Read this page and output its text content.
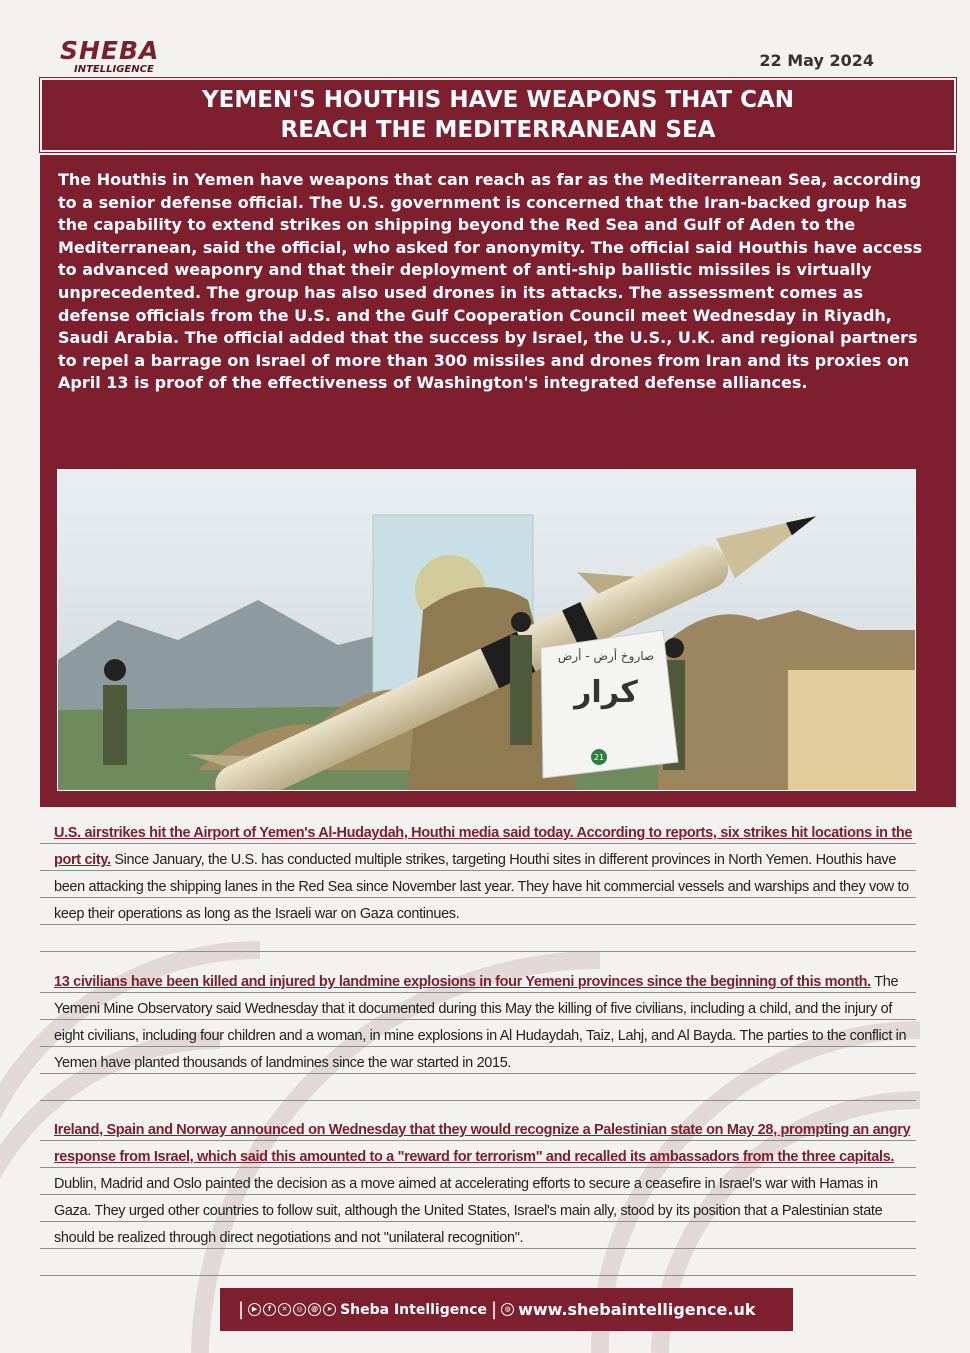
SHEBA
INTELLIGENCE	22 May 2024
YEMEN'S HOUTHIS HAVE WEAPONS THAT CAN REACH THE MEDITERRANEAN SEA
The Houthis in Yemen have weapons that can reach as far as the Mediterranean Sea, according to a senior defense official. The U.S. government is concerned that the Iran-backed group has the capability to extend strikes on shipping beyond the Red Sea and Gulf of Aden to the Mediterranean, said the official, who asked for anonymity. The official said Houthis have access to advanced weaponry and that their deployment of anti-ship ballistic missiles is virtually unprecedented. The group has also used drones in its attacks. The assessment comes as defense officials from the U.S. and the Gulf Cooperation Council meet Wednesday in Riyadh, Saudi Arabia. The official added that the success by Israel, the U.S., U.K. and regional partners to repel a barrage on Israel of more than 300 missiles and drones from Iran and its proxies on April 13 is proof of the effectiveness of Washington's integrated defense alliances.
صاروخ أرض - أرض
كرار
21
U.S. airstrikes hit the Airport of Yemen's Al-Hudaydah, Houthi media said today. According to reports, six strikes hit locations in the port city. Since January, the U.S. has conducted multiple strikes, targeting Houthi sites in different provinces in North Yemen. Houthis have been attacking the shipping lanes in the Red Sea since November last year. They have hit commercial vessels and warships and they vow to keep their operations as long as the Israeli war on Gaza continues.
13 civilians have been killed and injured by landmine explosions in four Yemeni provinces since the beginning of this month. The Yemeni Mine Observatory said Wednesday that it documented during this May the killing of five civilians, including a child, and the injury of eight civilians, including four children and a woman, in mine explosions in Al Hudaydah, Taiz, Lahj, and Al Bayda. The parties to the conflict in Yemen have planted thousands of landmines since the war started in 2015.
Ireland, Spain and Norway announced on Wednesday that they would recognize a Palestinian state on May 28, prompting an angry response from Israel, which said this amounted to a "reward for terrorism" and recalled its ambassadors from the three capitals. Dublin, Madrid and Oslo painted the decision as a move aimed at accelerating efforts to secure a ceasefire in Israel's war with Hamas in Gaza. They urged other countries to follow suit, although the United States, Israel's main ally, stood by its position that a Palestinian state should be realized through direct negotiations and not "unilateral recognition".
|	▶	f	✕	◎	@	➤ Sheba Intelligence |	◍ www.shebaintelligence.uk
